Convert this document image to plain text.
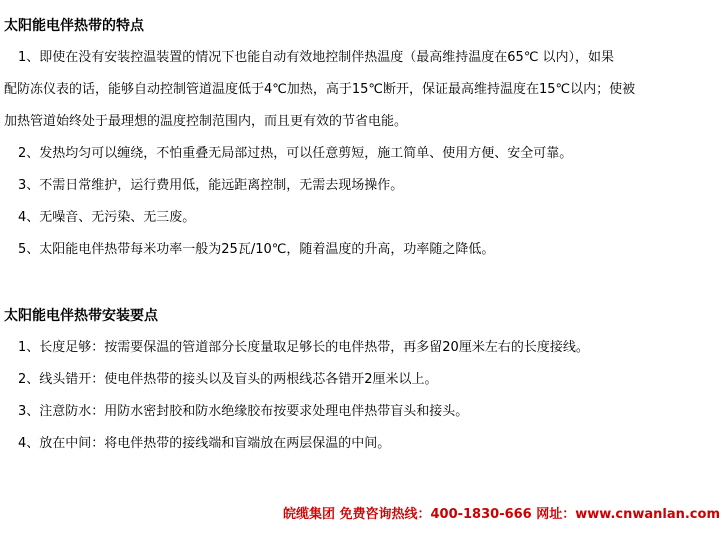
太阳能电伴热带的特点
1、即使在没有安装控温装置的情况下也能自动有效地控制伴热温度（最高维持温度在65℃ 以内），如果
配防冻仪表的话，能够自动控制管道温度低于4℃加热，高于15℃断开，保证最高维持温度在15℃以内；使被
加热管道始终处于最理想的温度控制范围内，而且更有效的节省电能。
2、发热均匀可以缠绕，不怕重叠无局部过热，可以任意剪短，施工简单、使用方便、安全可靠。
3、不需日常维护，运行费用低，能远距离控制，无需去现场操作。
4、无噪音、无污染、无三废。
5、太阳能电伴热带每米功率一般为25瓦/10℃，随着温度的升高，功率随之降低。
太阳能电伴热带安装要点
1、长度足够：按需要保温的管道部分长度量取足够长的电伴热带，再多留20厘米左右的长度接线。
2、线头错开：使电伴热带的接头以及盲头的两根线芯各错开2厘米以上。
3、注意防水：用防水密封胶和防水绝缘胶布按要求处理电伴热带盲头和接头。
4、放在中间：将电伴热带的接线端和盲端放在两层保温的中间。
皖缆集团 免费咨询热线：400-1830-666 网址：www.cnwanlan.com
